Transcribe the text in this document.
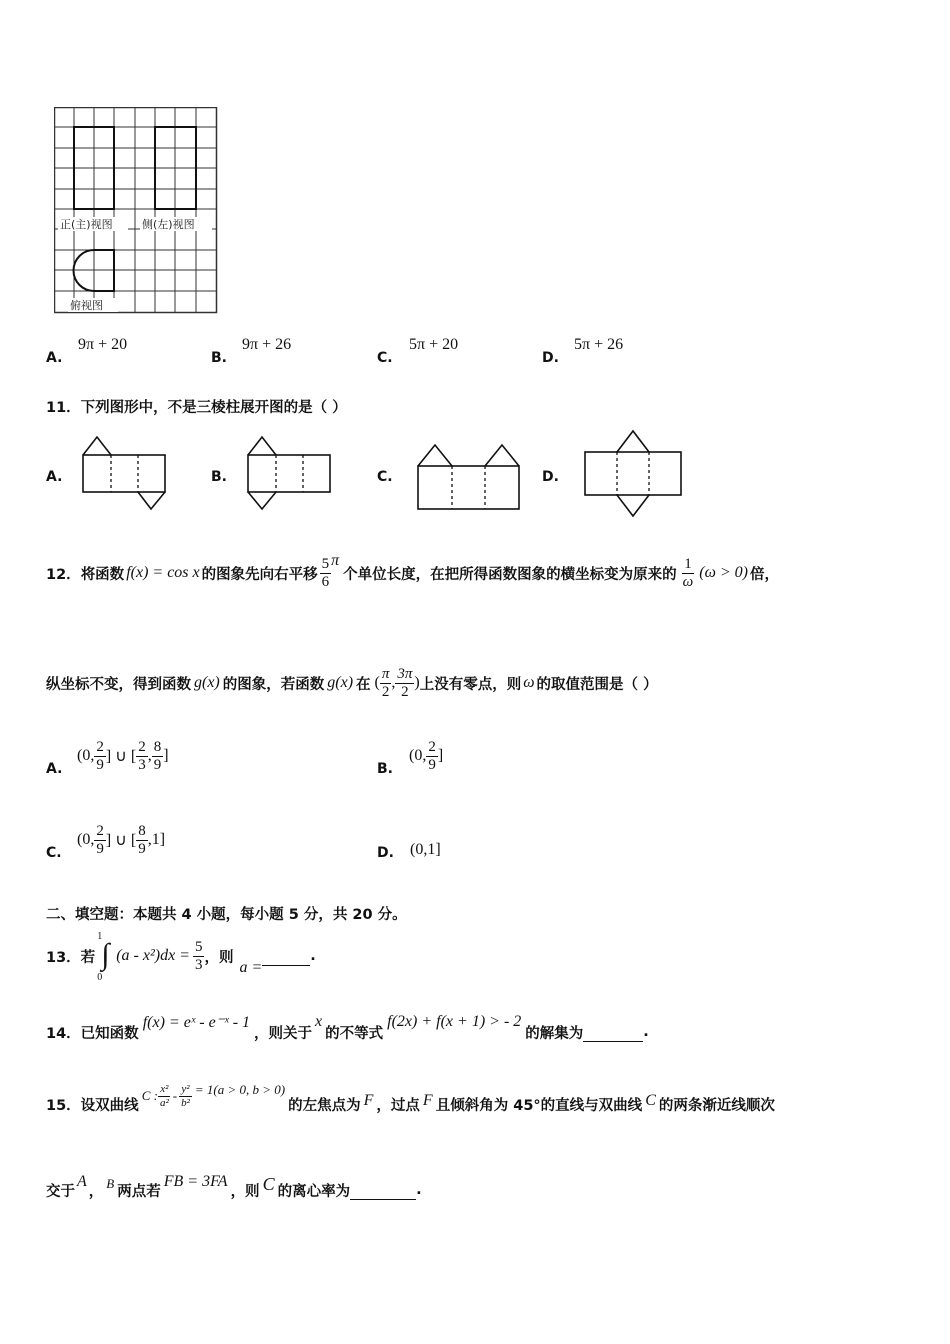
正(主)视图	侧(左)视图
俯视图
A.
9π + 20
B.
9π + 26
C.
5π + 20
D.
5π + 26
11．下列图形中，不是三棱柱展开图的是（ ）
A.	B.	C.	D.
12． 将函数 f(x) = cos x 的图象先向右平移 $\frac{5}{6}$ π
个单位长度，在把所得函数图象的横坐标变为原来的 $\frac{1}{\omega} (\omega > 0)$ 倍，
纵坐标不变，得到函数 g(x) 的图象，若函数 g(x) 在 ( $\frac{\pi}{2}$ , $\frac{3\pi}{2}$ ) 上没有零点，则 ω 的取值范围是（ ）
A.
(0, $\frac{2}{9}$ ] ∪ [ $\frac{2}{3}$ , $\frac{8}{9}$ ]
B.
(0, $\frac{2}{9}$ ]
C.
(0, $\frac{2}{9}$ ] ∪ [ $\frac{8}{9} ,1$]
D. (0,1]
二、填空题：本题共 4 小题，每小题 5 分，共 20 分。
13．若
1
∫
0
$(a - x^2)dx = \frac{5}{3}$ ，则
a =
.
14．已知函数
f(x) = eˣ - e⁻ˣ - 1
，则关于
x
的不等式
f(2x) + f(x + 1) > - 2
的解集为	.
15．设双曲线
C : $\frac{\text{x²}}{\text{a²}} - \frac{\text{y²}}{\text{b²}} = 1(a > 0$, b > 0)
的左焦点为 F ，过点 F 且倾斜角为 45°的直线与双曲线 C 的两条渐近线顺次
交于
A
， B 两点若
FB = 3FA
，则 C 的离心率为	.
